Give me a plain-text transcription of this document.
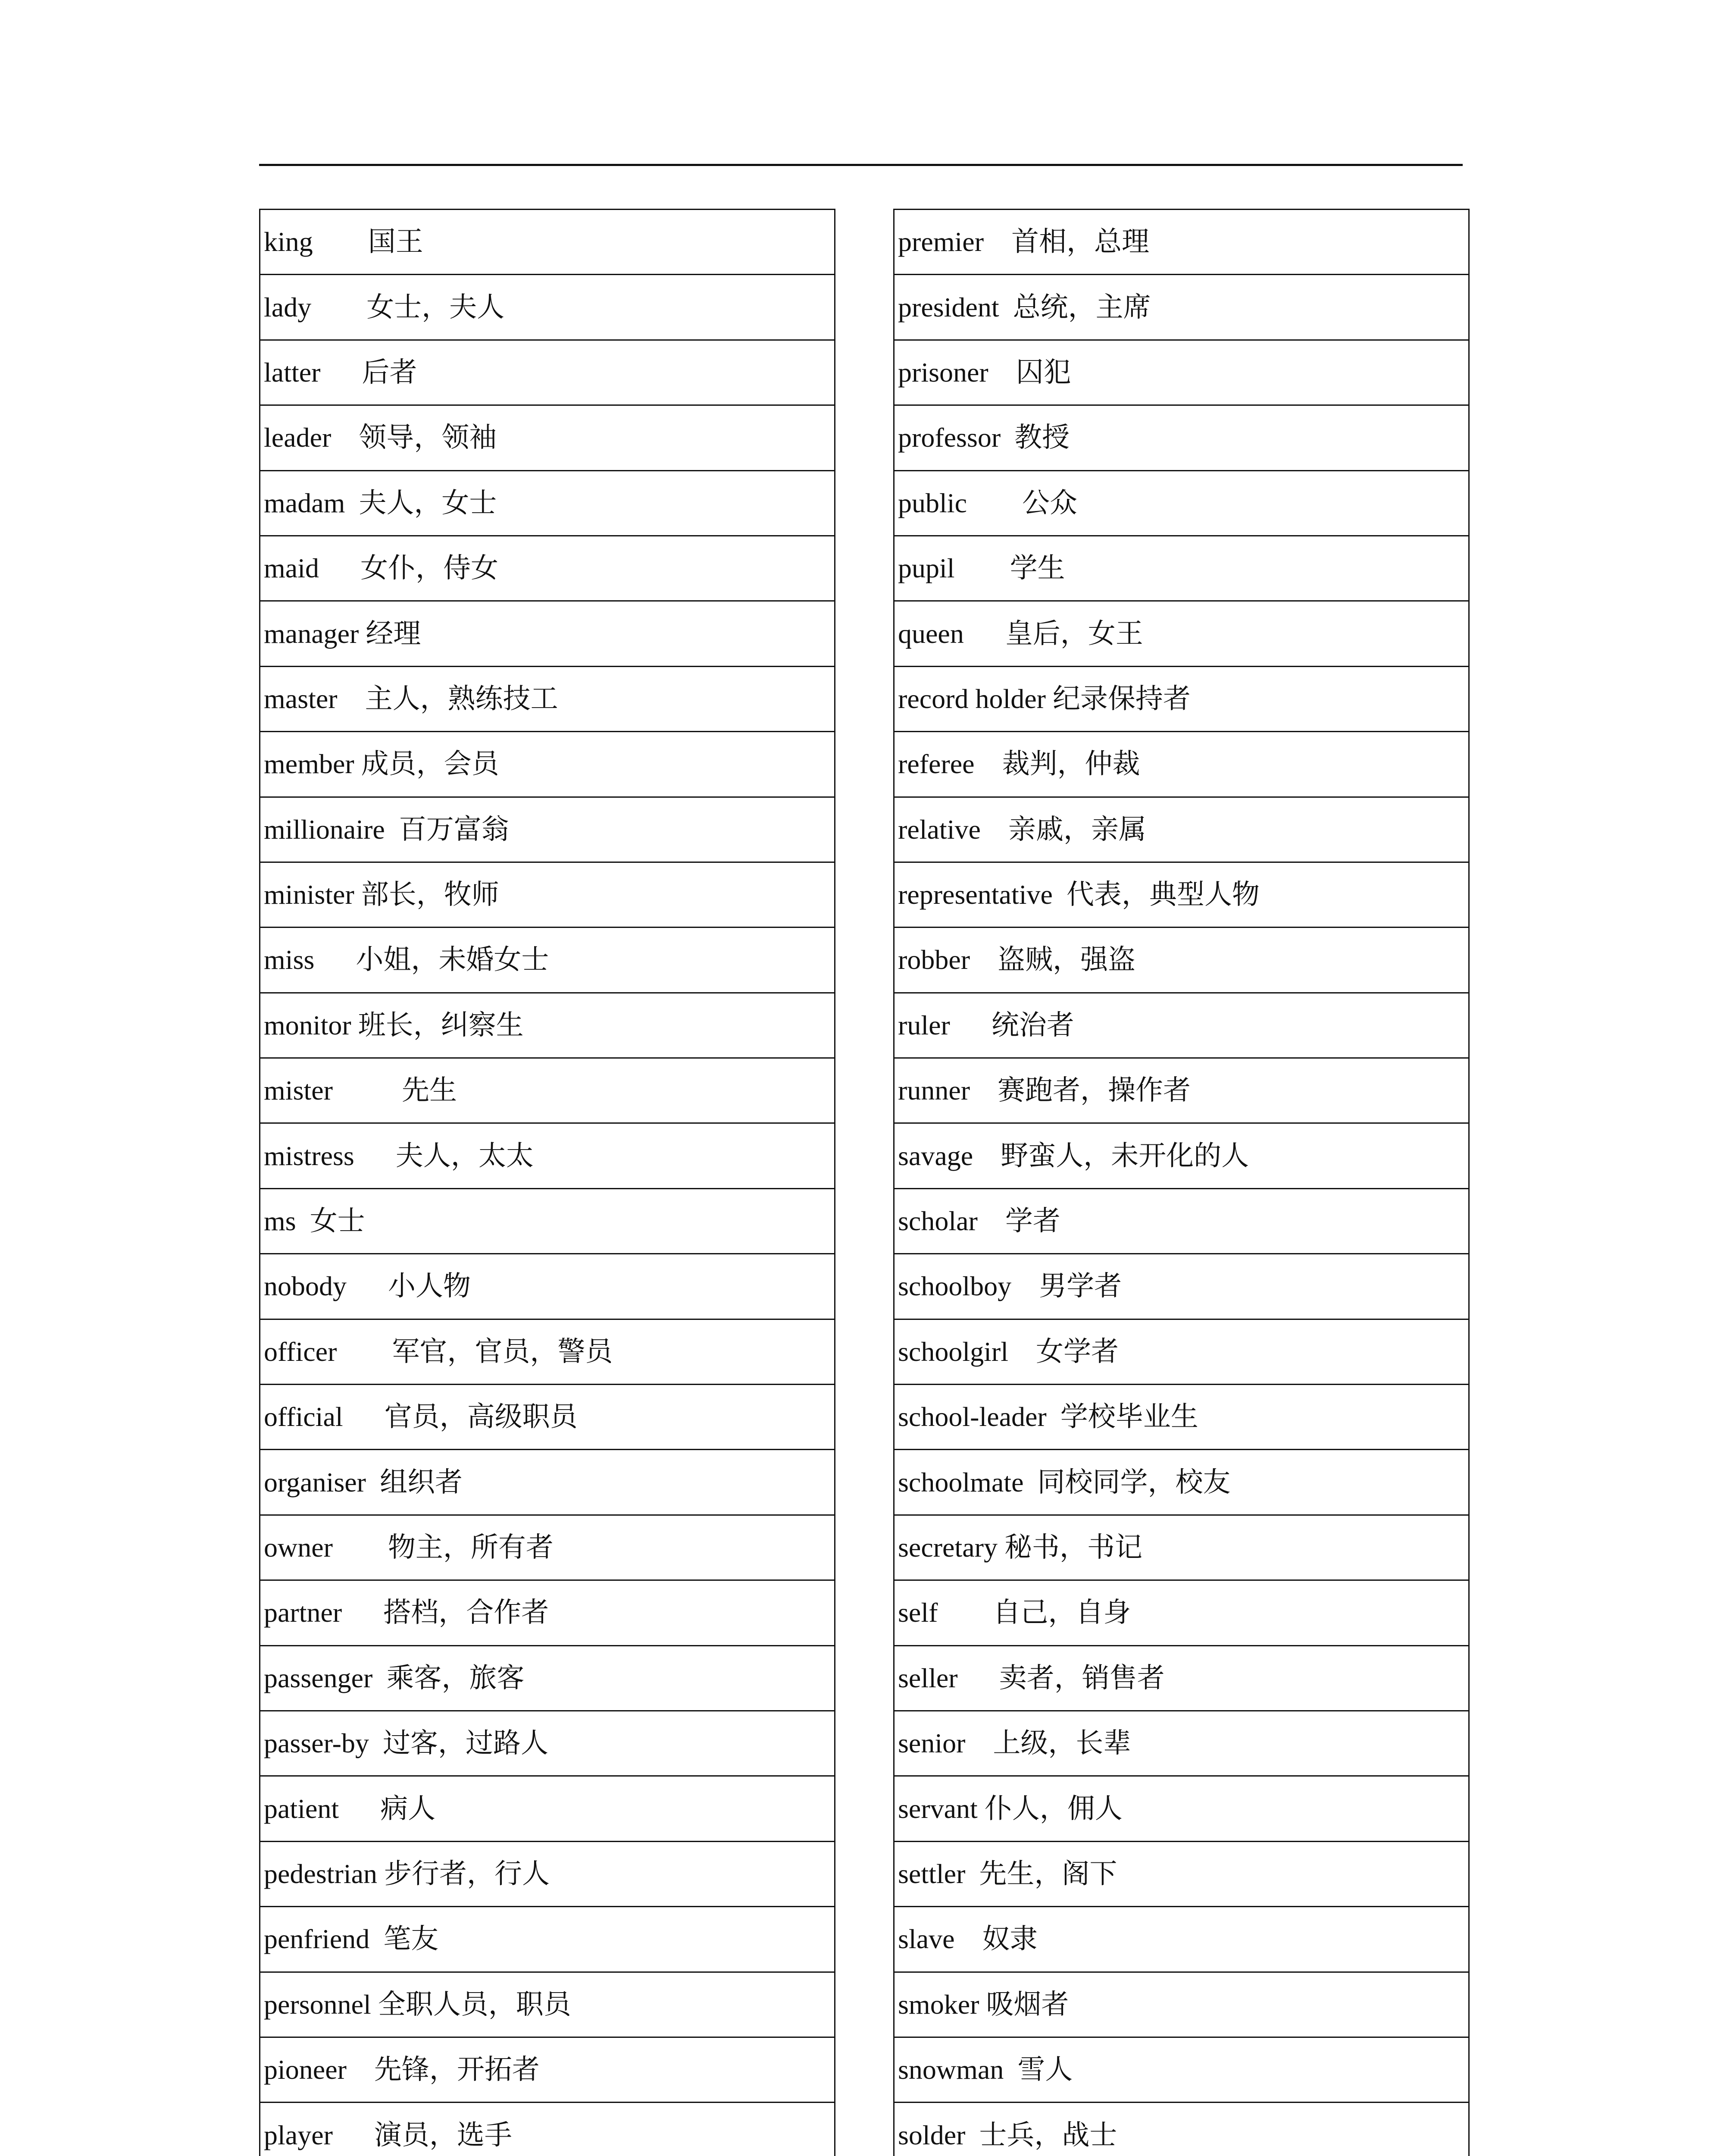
king        国王
lady        女士，夫人
latter      后者
leader    领导，领袖
madam  夫人，女士
maid      女仆，侍女
manager 经理
master    主人，熟练技工
member 成员，会员
millionaire  百万富翁
minister 部长，牧师
miss      小姐，未婚女士
monitor 班长，纠察生
mister          先生
mistress      夫人，太太
ms  女士
nobody      小人物
officer        军官，官员，警员
official      官员，高级职员
organiser  组织者
owner        物主，所有者
partner      搭档，合作者
passenger  乘客，旅客
passer-by  过客，过路人
patient      病人
pedestrian 步行者，行人
penfriend  笔友
personnel 全职人员，职员
pioneer    先锋，开拓者
player      演员，选手
premier    首相，总理
president  总统，主席
prisoner    囚犯
professor  教授
public        公众
pupil        学生
queen      皇后，女王
record holder 纪录保持者
referee    裁判，仲裁
relative    亲戚，亲属
representative  代表，典型人物
robber    盗贼，强盗
ruler      统治者
runner    赛跑者，操作者
savage    野蛮人，未开化的人
scholar    学者
schoolboy    男学者
schoolgirl    女学者
school-leader  学校毕业生
schoolmate  同校同学，校友
secretary 秘书，书记
self        自己，自身
seller      卖者，销售者
senior    上级，长辈
servant 仆人，佣人
settler  先生，阁下
slave    奴隶
smoker 吸烟者
snowman  雪人
solder  士兵，战士
